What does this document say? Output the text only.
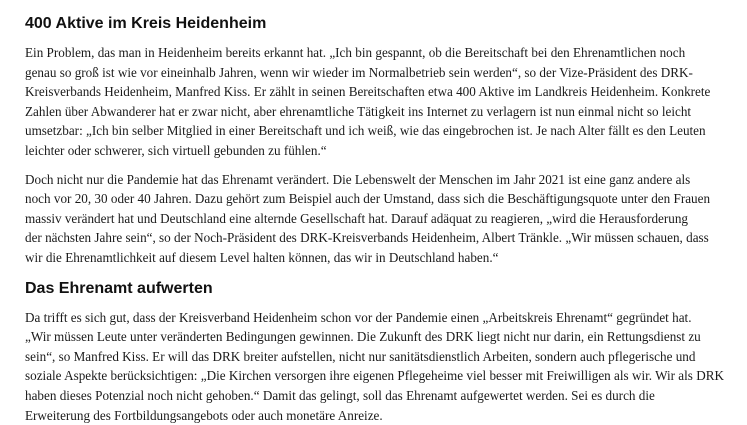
400 Aktive im Kreis Heidenheim

Ein Problem, das man in Heidenheim bereits erkannt hat. „Ich bin gespannt, ob die Bereitschaft bei den Ehrenamtlichen noch
genau so groß ist wie vor eineinhalb Jahren, wenn wir wieder im Normalbetrieb sein werden“, so der Vize-Präsident des DRK-
Kreisverbands Heidenheim, Manfred Kiss. Er zählt in seinen Bereitschaften etwa 400 Aktive im Landkreis Heidenheim. Konkrete
Zahlen über Abwanderer hat er zwar nicht, aber ehrenamtliche Tätigkeit ins Internet zu verlagern ist nun einmal nicht so leicht
umsetzbar: „Ich bin selber Mitglied in einer Bereitschaft und ich weiß, wie das eingebrochen ist. Je nach Alter fällt es den Leuten
leichter oder schwerer, sich virtuell gebunden zu fühlen.“

Doch nicht nur die Pandemie hat das Ehrenamt verändert. Die Lebenswelt der Menschen im Jahr 2021 ist eine ganz andere als
noch vor 20, 30 oder 40 Jahren. Dazu gehört zum Beispiel auch der Umstand, dass sich die Beschäftigungsquote unter den Frauen
massiv verändert hat und Deutschland eine alternde Gesellschaft hat. Darauf adäquat zu reagieren, „wird die Herausforderung
der nächsten Jahre sein“, so der Noch-Präsident des DRK-Kreisverbands Heidenheim, Albert Tränkle. „Wir müssen schauen, dass
wir die Ehrenamtlichkeit auf diesem Level halten können, das wir in Deutschland haben.“

Das Ehrenamt aufwerten

Da trifft es sich gut, dass der Kreisverband Heidenheim schon vor der Pandemie einen „Arbeitskreis Ehrenamt“ gegründet hat.
„Wir müssen Leute unter veränderten Bedingungen gewinnen. Die Zukunft des DRK liegt nicht nur darin, ein Rettungsdienst zu
sein“, so Manfred Kiss. Er will das DRK breiter aufstellen, nicht nur sanitätsdienstlich Arbeiten, sondern auch pflegerische und
soziale Aspekte berücksichtigen: „Die Kirchen versorgen ihre eigenen Pflegeheime viel besser mit Freiwilligen als wir. Wir als DRK
haben dieses Potenzial noch nicht gehoben.“ Damit das gelingt, soll das Ehrenamt aufgewertet werden. Sei es durch die
Erweiterung des Fortbildungsangebots oder auch monetäre Anreize.
